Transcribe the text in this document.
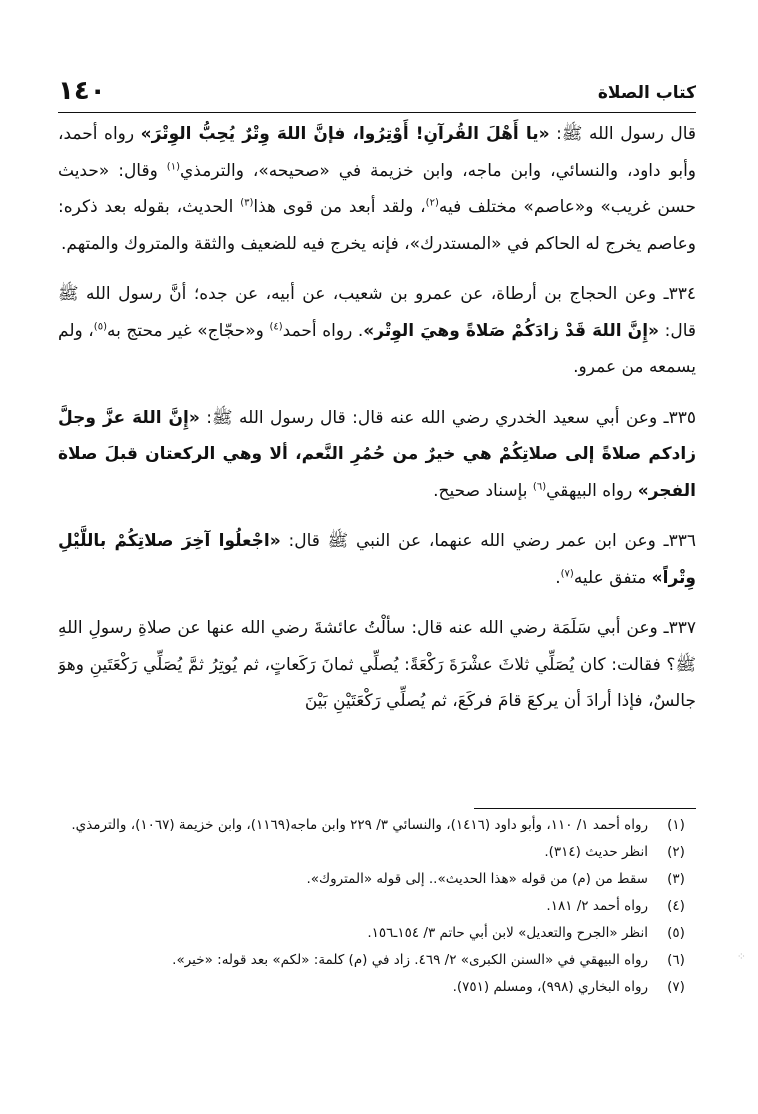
١٤٠	كتاب الصلاة

قال رسول الله ﷺ: «يا أَهْلَ القُرآنِ! أَوْتِرُوا، فإنَّ اللهَ وِتْرٌ يُحِبُّ الوِتْرَ» رواه أحمد، وأبو داود، والنسائي، وابن ماجه، وابن خزيمة في «صحيحه»، والترمذي$^{(١)}$ وقال: «حديث حسن غريب» و«عاصم» مختلف فيه$^{(٢)}$، ولقد أبعد من قوى هذا$^{(٣)}$ الحديث، بقوله بعد ذكره: وعاصم يخرج له الحاكم في «المستدرك»، فإنه يخرج فيه للضعيف والثقة والمتروك والمتهم.

٣٣٤ـ وعن الحجاج بن أرطاة، عن عمرو بن شعيب، عن أبيه، عن جده؛ أنَّ رسول الله ﷺ قال: «إِنَّ اللهَ قَدْ زادَكُمْ صَلاةً وهيَ الوِتْر». رواه أحمد$^{(٤)}$ و«حجّاج» غير محتج به$^{(٥)}$، ولم يسمعه من عمرو.

٣٣٥ـ وعن أبي سعيد الخدري رضي الله عنه قال: قال رسول الله ﷺ: «إِنَّ اللهَ عزَّ وجلَّ زادكم صلاةً إلى صلاتِكُمْ هي خيرٌ من حُمُرِ النَّعم، ألا وهي الركعتان قبلَ صلاة الفجر» رواه البيهقي$^{(٦)}$ بإسناد صحيح.

٣٣٦ـ وعن ابن عمر رضي الله عنهما، عن النبي ﷺ قال: «اجْعلُوا آخِرَ صلاتِكُمْ باللَّيْلِ وِتْراً» متفق عليه$^{(٧)}$.

٣٣٧ـ وعن أبي سَلَمَة رضي الله عنه قال: سألْتُ عائشةَ رضي الله عنها عن صلاةِ رسولِ اللهِ ﷺ؟ فقالت: كان يُصَلِّي ثلاثَ عشْرَةَ رَكْعَةً: يُصلِّي ثمانَ رَكَعاتٍ، ثم يُوتِرُ ثمَّ يُصَلِّي رَكْعَتَينِ وهوَ جالسٌ، فإذا أرادَ أن يركعَ قامَ فركَعَ، ثم يُصلِّي رَكْعَتَيْنِ بَيْنَ

(١)
رواه أحمد ١/ ١١٠، وأبو داود (١٤١٦)، والنسائي ٣/ ٢٢٩ وابن ماجه(١١٦٩)، وابن خزيمة (١٠٦٧)، والترمذي.
(٢)
انظر حديث (٣١٤).
(٣)
سقط من (م) من قوله «هذا الحديث».. إلى قوله «المتروك».
(٤)
رواه أحمد ٢/ ١٨١.
(٥)
انظر «الجرح والتعديل» لابن أبي حاتم ٣/ ١٥٤ـ١٥٦.
(٦)
رواه البيهقي في «السنن الكبرى» ٢/ ٤٦٩. زاد في (م) كلمة: «لكم» بعد قوله: «خير».
(٧)
رواه البخاري (٩٩٨)، ومسلم (٧٥١).
⁘
